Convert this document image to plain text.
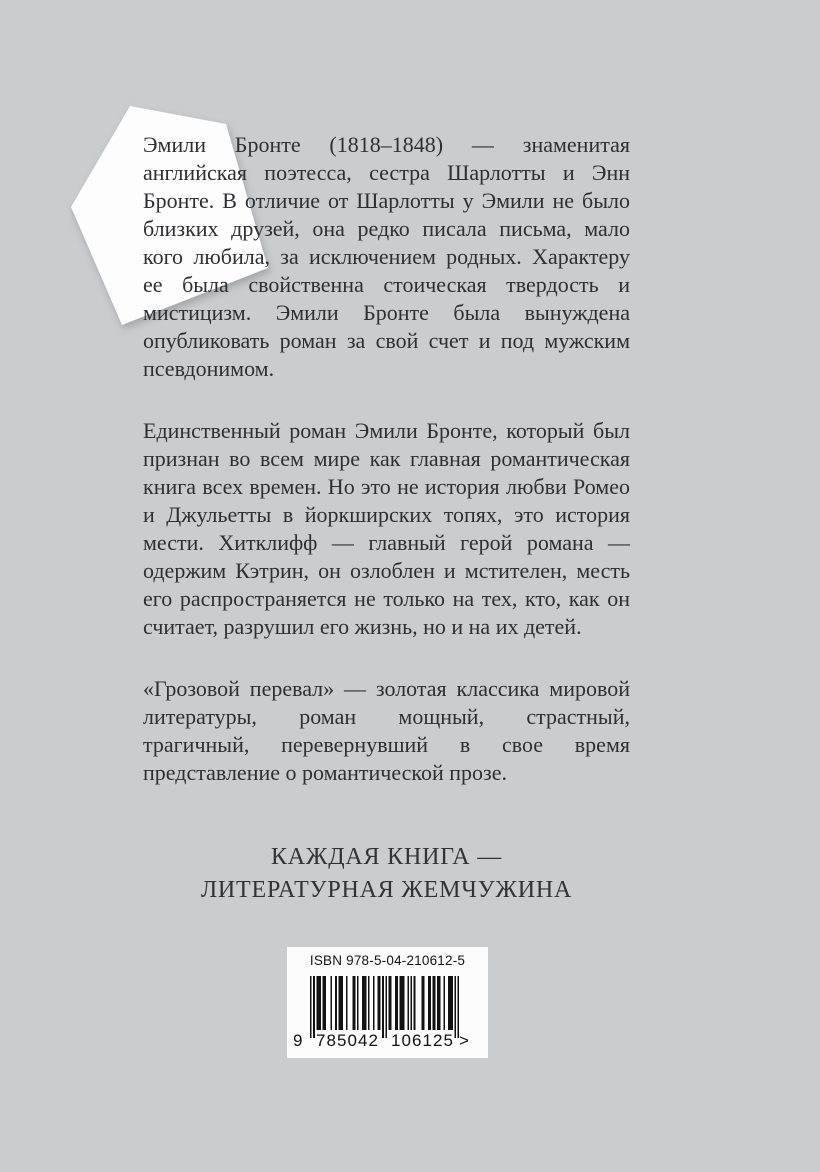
Эмили Бронте (1818–1848) — знаменитая английская поэтесса, сестра Шарлотты и Энн Бронте. В отличие от Шарлотты у Эмили не было близких друзей, она редко писала письма, мало кого любила, за исключением родных. Характеру ее была свойственна стоическая твердость и мистицизм. Эмили Бронте была вынуждена опубликовать роман за свой счет и под мужским псевдонимом.

Единственный роман Эмили Бронте, который был признан во всем мире как главная романтическая книга всех времен. Но это не история любви Ромео и Джульетты в йоркширских топях, это история мести. Хитклифф — главный герой романа — одержим Кэтрин, он озлоблен и мстителен, месть его распространяется не только на тех, кто, как он считает, разрушил его жизнь, но и на их детей.

«Грозовой перевал» — золотая классика мировой литературы, роман мощный, страстный, трагичный, перевернувший в свое время представление о романтической прозе.

КАЖДАЯ КНИГА —
ЛИТЕРАТУРНАЯ ЖЕМЧУЖИНА
ISBN 978-5-04-210612-5
9 7 8 5 0 4 2 1 0 6 1 2 5 >
